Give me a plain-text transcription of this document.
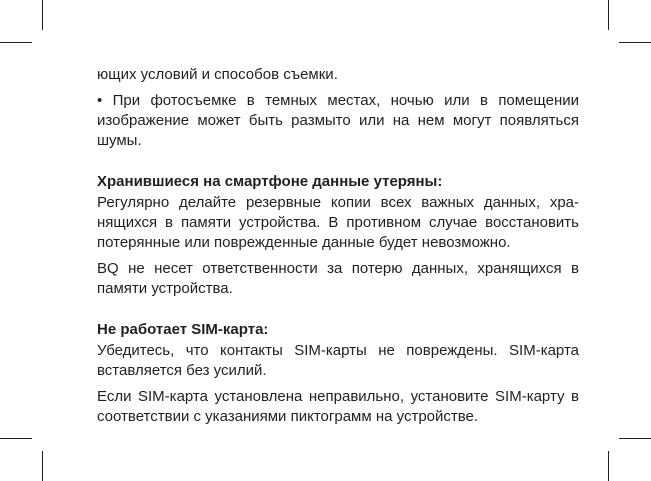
ющих условий и способов съемки.

• При фотосъемке в темных местах, ночью или в помещении изображение может быть размыто или на нем могут появляться шумы.

Хранившиеся на смартфоне данные утеряны:

Регулярно делайте резервные копии всех важных данных, хра-нящихся в памяти устройства. В противном случае восстановить потерянные или поврежденные данные будет невозможно.

BQ не несет ответственности за потерю данных, хранящихся в памяти устройства.

Не работает SIM-карта:

Убедитесь, что контакты SIM-карты не повреждены. SIM-карта вставляется без усилий.

Если SIM-карта установлена неправильно, установите SIM-карту в соответствии с указаниями пиктограмм на устройстве.
